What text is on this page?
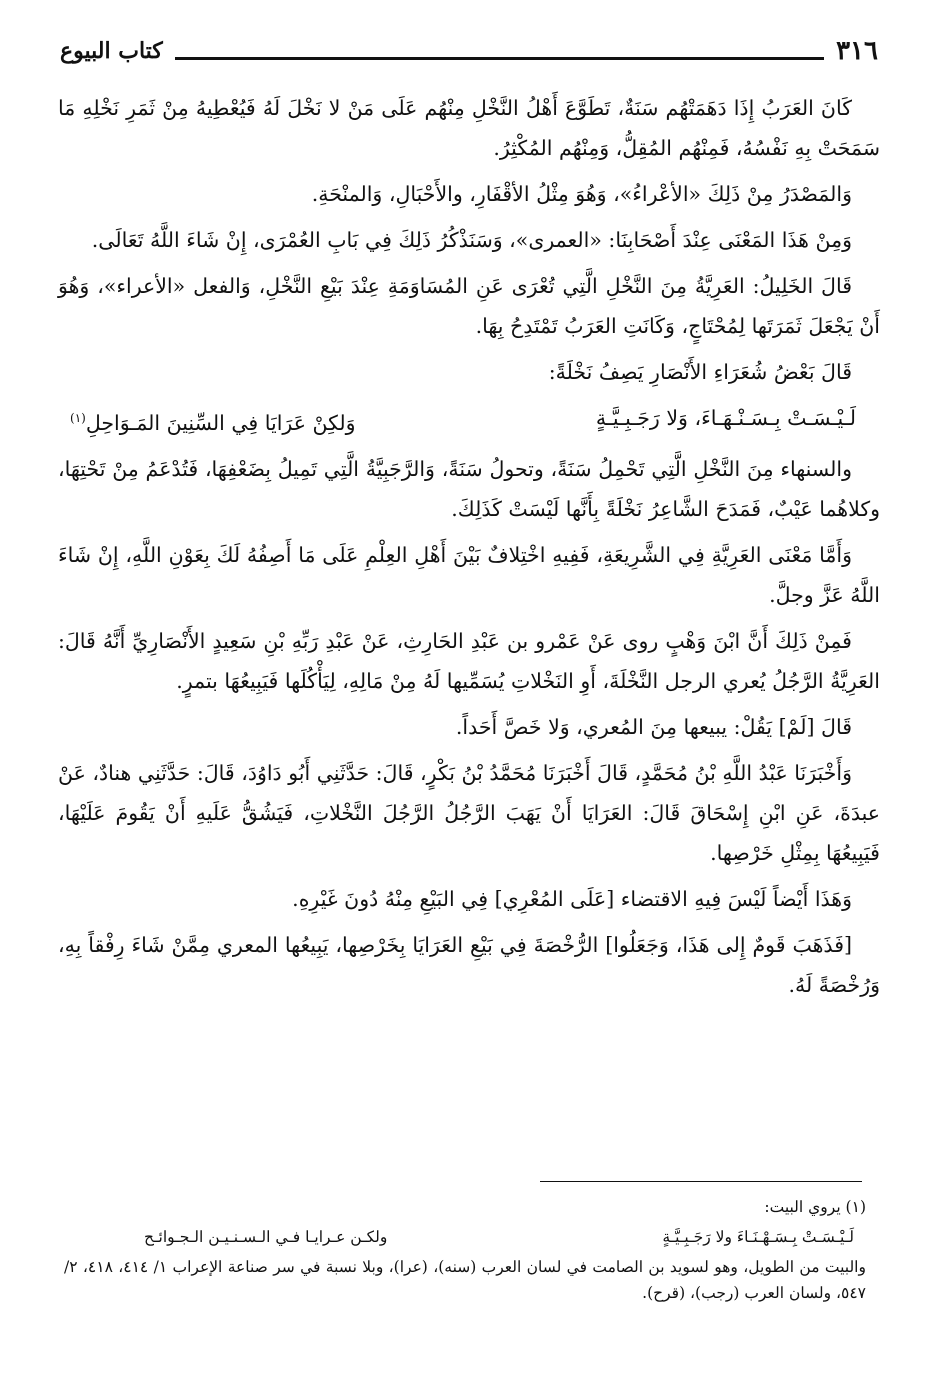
كتاب البيوع	٣١٦

كَانَ العَرَبُ إِذَا دَهَمَتْهُم سَنَةٌ، تَطَوَّعَ أَهْلُ النَّخْلِ مِنْهُم عَلَى مَنْ لا نَخْلَ لَهُ فَيُعْطِيهُ مِنْ ثَمَرِ نَخْلِهِ مَا سَمَحَتْ بِهِ نَفْسُهُ، فَمِنْهُم المُقِلُّ، وَمِنْهُم المُكْثِرُ.

وَالمَصْدَرُ مِنْ ذَلِكَ «الأعْراءُ»، وَهُوَ مِثْلُ الأقْفَارِ، والأَحْبَالِ، وَالمنْحَةِ.

وَمِنْ هَذَا المَعْنَى عِنْدَ أَصْحَابِنَا: «العمرى»، وَسَنَذْكُرُ ذَلِكَ فِي بَابِ العُمْرَى، إِنْ شَاءَ اللَّهُ تَعَالَى.

قَالَ الخَلِيلُ: العَرِيَّةُ مِنَ النَّخْلِ الَّتِي تُعْرَى عَنِ المُسَاوَمَةِ عِنْدَ بَيْعِ النَّخْلِ، وَالفعل «الأعراء»، وَهُوَ أَنْ يَجْعَلَ ثَمَرَتَها لِمُحْتَاجٍ، وَكَانَتِ العَرَبُ تَمْتَدِحُ بِهَا.

قَالَ بَعْضُ شُعَرَاءِ الأَنْصَارِ يَصِفُ نَخْلَةً:

لَـيْـسَـتْ بِـسَـنْـهَـاءَ، وَلا رَجَـبِـيَّـةٍ
وَلكِنْ عَرَايَا فِي السِّنِينَ المَـوَاحِلِ$^{(١)}$

والسنهاء مِنَ النَّخْلِ الَّتِي تَحْمِلُ سَنَةً، وتحولُ سَنَةً، وَالرَّجَبِيَّةُ الَّتِي تَمِيلُ بِضَعْفِهَا، فَتُدْعَمُ مِنْ تَحْتِهَا، وكلاهُما عَيْبٌ، فَمَدَحَ الشَّاعِرُ نَخْلَةً بِأَنَّها لَيْسَتْ كَذَلِكَ.

وَأَمَّا مَعْنَى العَرِيَّةِ فِي الشَّرِيعَةِ، فَفِيهِ اخْتِلافٌ بَيْنَ أَهْلِ العِلْمِ عَلَى مَا أَصِفُهُ لَكَ بِعَوْنِ اللَّهِ، إِنْ شَاءَ اللَّهُ عَزَّ وجلَّ.

فَمِنْ ذَلِكَ أَنَّ ابْنَ وَهْبٍ روى عَنْ عَمْرو بن عَبْدِ الحَارِثِ، عَنْ عَبْدِ رَبِّهِ بْنِ سَعِيدٍ الأَنْصَارِيِّ أَنَّهُ قَالَ: العَرِيَّةُ الرَّجُلُ يُعري الرجل النَّخْلَةَ، أَوِ النَخْلاتِ يُسَمِّيها لَهُ مِنْ مَالِهِ، لِيَأْكُلَها فَيَبِيعُهَا بتمرٍ.

قَالَ [لَمْ] يَقُلْ: يبيعها مِنَ المُعري، وَلا خَصَّ أَحَداً.

وَأَخْبَرَنَا عَبْدُ اللَّهِ بْنُ مُحَمَّدٍ، قَالَ أَخْبَرَنَا مُحَمَّدُ بْنُ بَكْرٍ، قَالَ: حَدَّثَنِي أَبُو دَاوُدَ، قَالَ: حَدَّثَنِي هنادٌ، عَنْ عبدَةَ، عَنِ ابْنِ إِسْحَاقَ قَالَ: العَرَايَا أَنْ يَهَبَ الرَّجُلُ الرَّجُلَ النَّخْلاتِ، فَيَشُقُّ عَلَيهِ أَنْ يَقُومَ عَلَيْهَا، فَيَبِيعُهَا بِمِثْلِ خَرْصِها.

وَهَذَا أَيْضاً لَيْسَ فِيهِ الاقتضاء [عَلَى المُعْرِي] فِي البَيْعِ مِنْهُ دُونَ غَيْرِهِ.

[فَذَهَبَ قَومٌ إِلى هَذَا، وَجَعَلُوا] الرُّخْصَةَ فِي بَيْعِ العَرَايَا بِخَرْصِها، يَبِيعُها المعري مِمَّنْ شَاءَ رِفْقاً بِهِ، وَرُخْصَةً لَهُ.

(١) يروي البيت:

لَـيْـسَـتْ بِـسَـهْـنَـاءَ ولا رَجَـبِـيَّـةٍ
ولكـن عـرايـا فـي الـسـنـيـن الـجـوائـح

والبيت من الطويل، وهو لسويد بن الصامت في لسان العرب (سنه)، (عرا)، وبلا نسبة في سر صناعة الإعراب ١/ ٤١٤، ٤١٨، ٢/ ٥٤٧، ولسان العرب (رجب)، (قرح).
